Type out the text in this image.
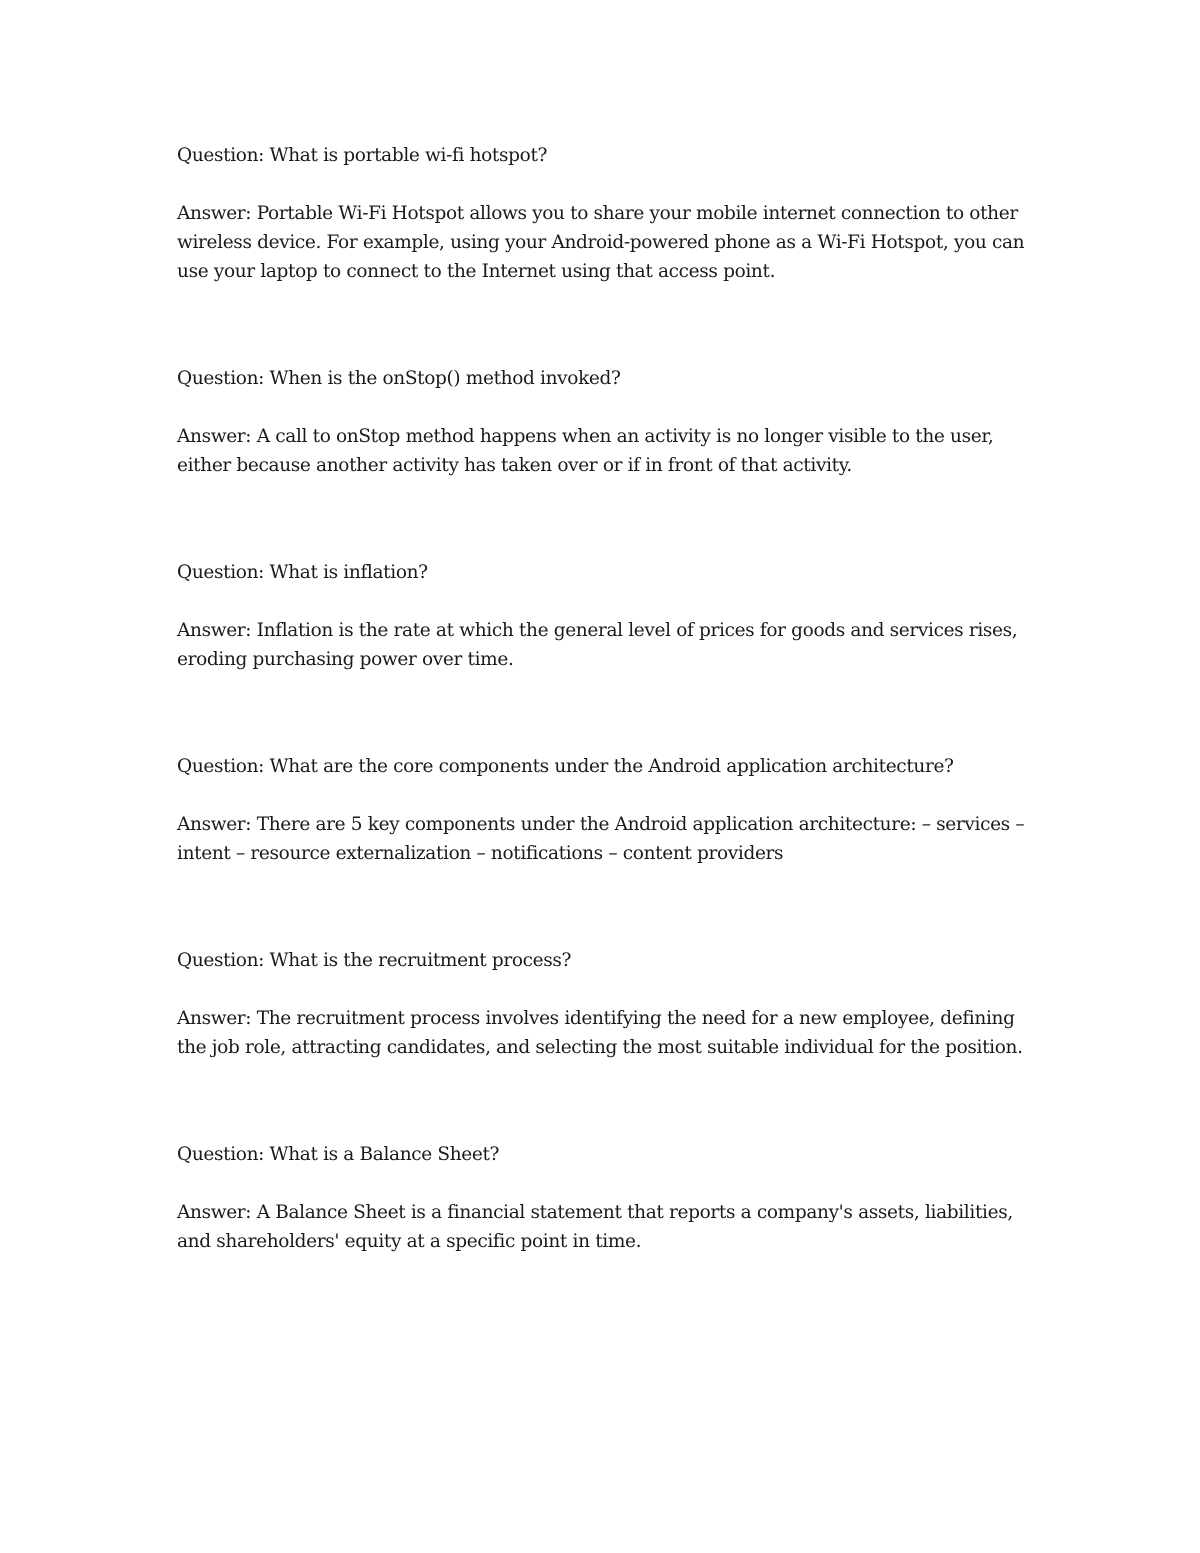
Question: What is portable wi-fi hotspot?

Answer: Portable Wi-Fi Hotspot allows you to share your mobile internet connection to other wireless device. For example, using your Android-powered phone as a Wi-Fi Hotspot, you can use your laptop to connect to the Internet using that access point.

Question: When is the onStop() method invoked?

Answer: A call to onStop method happens when an activity is no longer visible to the user, either because another activity has taken over or if in front of that activity.

Question: What is inflation?

Answer: Inflation is the rate at which the general level of prices for goods and services rises, eroding purchasing power over time.

Question: What are the core components under the Android application architecture?

Answer: There are 5 key components under the Android application architecture: – services – intent – resource externalization – notifications – content providers

Question: What is the recruitment process?

Answer: The recruitment process involves identifying the need for a new employee, defining the job role, attracting candidates, and selecting the most suitable individual for the position.

Question: What is a Balance Sheet?

Answer: A Balance Sheet is a financial statement that reports a company's assets, liabilities, and shareholders' equity at a specific point in time.
